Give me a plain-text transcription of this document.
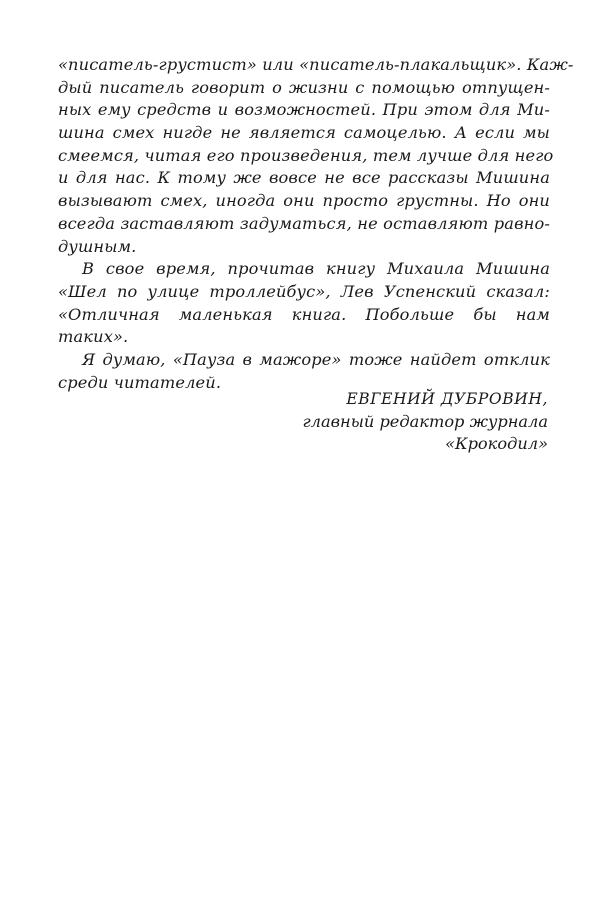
«писатель-грустист» или «писатель-плакальщик». Каж-
дый писатель говорит о жизни с помощью отпущен-
ных ему средств и возможностей. При этом для Ми-
шина смех нигде не является самоцелью. А если мы
смеемся, читая его произведения, тем лучше для него
и для нас. К тому же вовсе не все рассказы Мишина
вызывают смех, иногда они просто грустны. Но они
всегда заставляют задуматься, не оставляют равно-
душным.
В свое время, прочитав книгу Михаила Мишина
«Шел по улице троллейбус», Лев Успенский сказал:
«Отличная маленькая книга. Побольше бы нам
таких».
Я думаю, «Пауза в мажоре» тоже найдет отклик
среди читателей.
ЕВГЕНИЙ ДУБРОВИН,
главный редактор журнала
«Крокодил»
